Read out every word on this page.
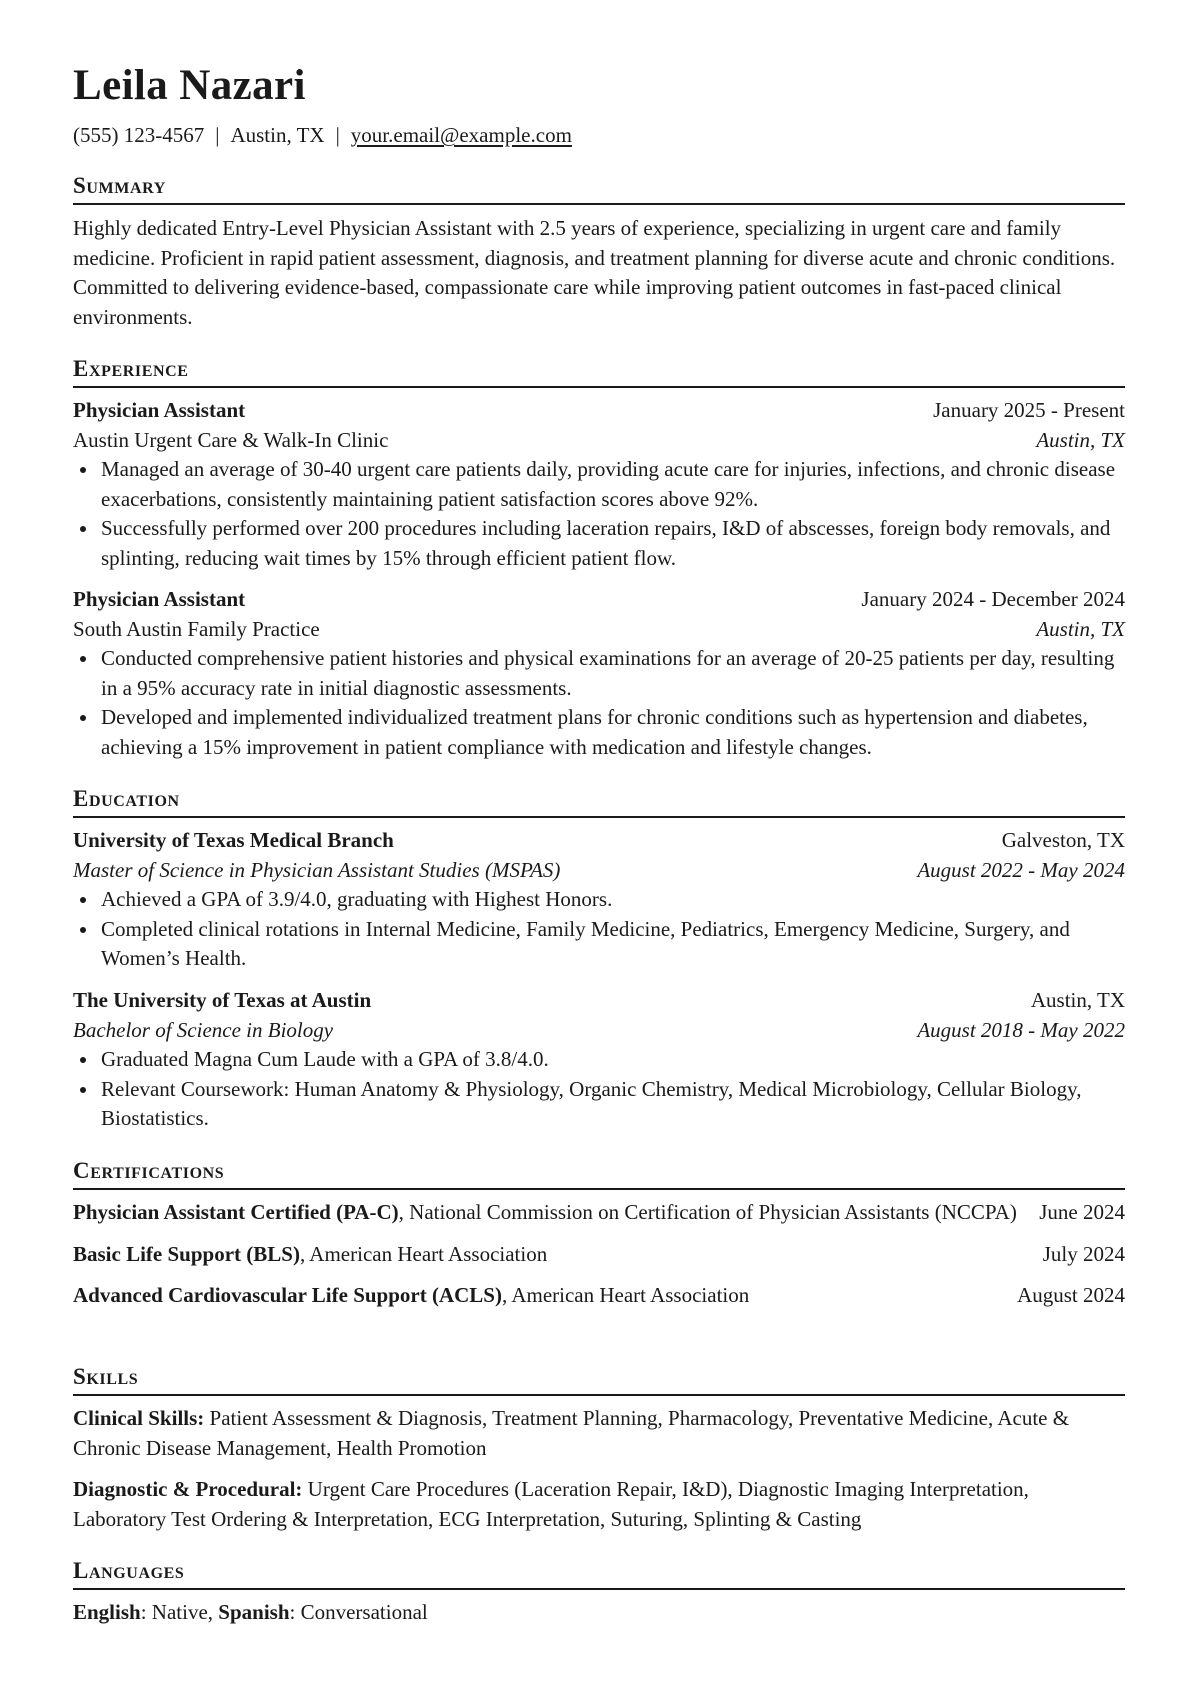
Leila Nazari
(555) 123-4567 | Austin, TX | your.email@example.com
Summary

Highly dedicated Entry-Level Physician Assistant with 2.5 years of experience, specializing in urgent care and family medicine. Proficient in rapid patient assessment, diagnosis, and treatment planning for diverse acute and chronic conditions. Committed to delivering evidence-based, compassionate care while improving patient outcomes in fast-paced clinical environments.

Experience
Physician Assistant	January 2025 - Present
Austin Urgent Care & Walk-In Clinic	Austin, TX
Managed an average of 30-40 urgent care patients daily, providing acute care for injuries, infections, and chronic disease exacerbations, consistently maintaining patient satisfaction scores above 92%.
Successfully performed over 200 procedures including laceration repairs, I&D of abscesses, foreign body removals, and splinting, reducing wait times by 15% through efficient patient flow.
Physician Assistant	January 2024 - December 2024
South Austin Family Practice	Austin, TX
Conducted comprehensive patient histories and physical examinations for an average of 20-25 patients per day, resulting in a 95% accuracy rate in initial diagnostic assessments.
Developed and implemented individualized treatment plans for chronic conditions such as hypertension and diabetes, achieving a 15% improvement in patient compliance with medication and lifestyle changes.
Education
University of Texas Medical Branch	Galveston, TX
Master of Science in Physician Assistant Studies (MSPAS)	August 2022 - May 2024
Achieved a GPA of 3.9/4.0, graduating with Highest Honors.
Completed clinical rotations in Internal Medicine, Family Medicine, Pediatrics, Emergency Medicine, Surgery, and Women’s Health.
The University of Texas at Austin	Austin, TX
Bachelor of Science in Biology	August 2018 - May 2022
Graduated Magna Cum Laude with a GPA of 3.8/4.0.
Relevant Coursework: Human Anatomy & Physiology, Organic Chemistry, Medical Microbiology, Cellular Biology, Biostatistics.
Certifications
Physician Assistant Certified (PA-C), National Commission on Certification of Physician Assistants (NCCPA)	June 2024
Basic Life Support (BLS), American Heart Association	July 2024
Advanced Cardiovascular Life Support (ACLS), American Heart Association	August 2024
Skills

Clinical Skills: Patient Assessment & Diagnosis, Treatment Planning, Pharmacology, Preventative Medicine, Acute & Chronic Disease Management, Health Promotion

Diagnostic & Procedural: Urgent Care Procedures (Laceration Repair, I&D), Diagnostic Imaging Interpretation, Laboratory Test Ordering & Interpretation, ECG Interpretation, Suturing, Splinting & Casting

Languages
English: Native, Spanish: Conversational
